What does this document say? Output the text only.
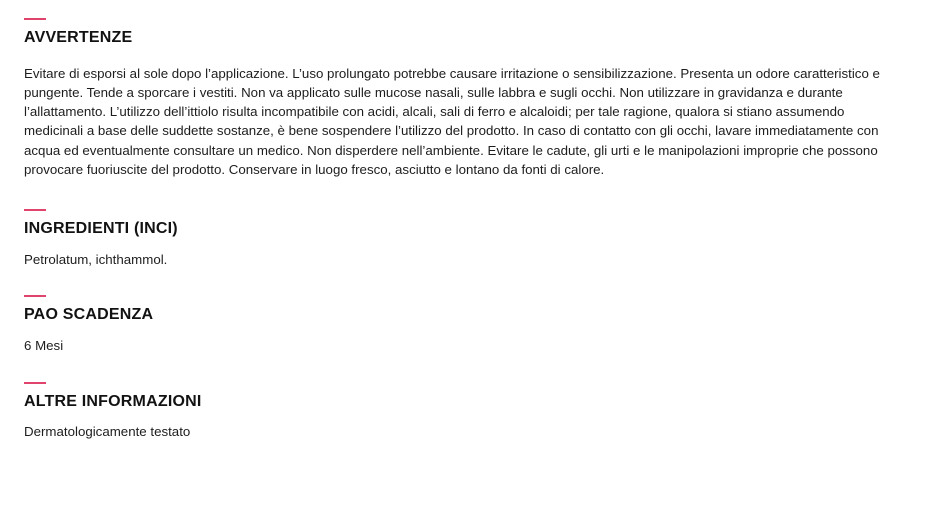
AVVERTENZE

Evitare di esporsi al sole dopo l’applicazione. L’uso prolungato potrebbe causare irritazione o sensibilizzazione. Presenta un odore caratteristico e pungente. Tende a sporcare i vestiti. Non va applicato sulle mucose nasali, sulle labbra e sugli occhi. Non utilizzare in gravidanza e durante l’allattamento. L’utilizzo dell’ittiolo risulta incompatibile con acidi, alcali, sali di ferro e alcaloidi; per tale ragione, qualora si stiano assumendo medicinali a base delle suddette sostanze, è bene sospendere l’utilizzo del prodotto. In caso di contatto con gli occhi, lavare immediatamente con acqua ed eventualmente consultare un medico. Non disperdere nell’ambiente. Evitare le cadute, gli urti e le manipolazioni improprie che possono provocare fuoriuscite del prodotto. Conservare in luogo fresco, asciutto e lontano da fonti di calore.

INGREDIENTI (INCI)

Petrolatum, ichthammol.

PAO SCADENZA

6 Mesi

ALTRE INFORMAZIONI

Dermatologicamente testato
